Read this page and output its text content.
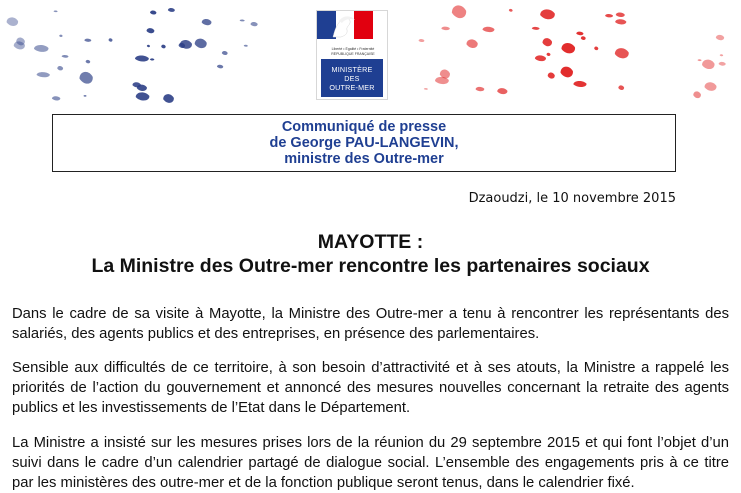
Liberté • Égalité • Fraternité
RÉPUBLIQUE FRANÇAISE
MINISTÈRE
DES
OUTRE-MER
Communiqué de presse
de George PAU-LANGEVIN,
ministre des Outre-mer
Dzaoudzi, le 10 novembre 2015
MAYOTTE :
La Ministre des Outre-mer rencontre les partenaires sociaux
Dans le cadre de sa visite à Mayotte, la Ministre des Outre-mer a tenu à rencontrer les représentants des salariés, des agents publics et des entreprises, en présence des parlementaires.
Sensible aux difficultés de ce territoire, à son besoin d’attractivité et à ses atouts, la Ministre a rappelé les priorités de l’action du gouvernement et annoncé des mesures nouvelles concernant la retraite des agents publics et les investissements de l’Etat dans le Département.
La Ministre a insisté sur les mesures prises lors de la réunion du 29 septembre 2015 et qui font l’objet d’un suivi dans le cadre d’un calendrier partagé de dialogue social. L’ensemble des engagements pris à ce titre par les ministères des outre-mer et de la fonction publique seront tenus, dans le calendrier fixé.
